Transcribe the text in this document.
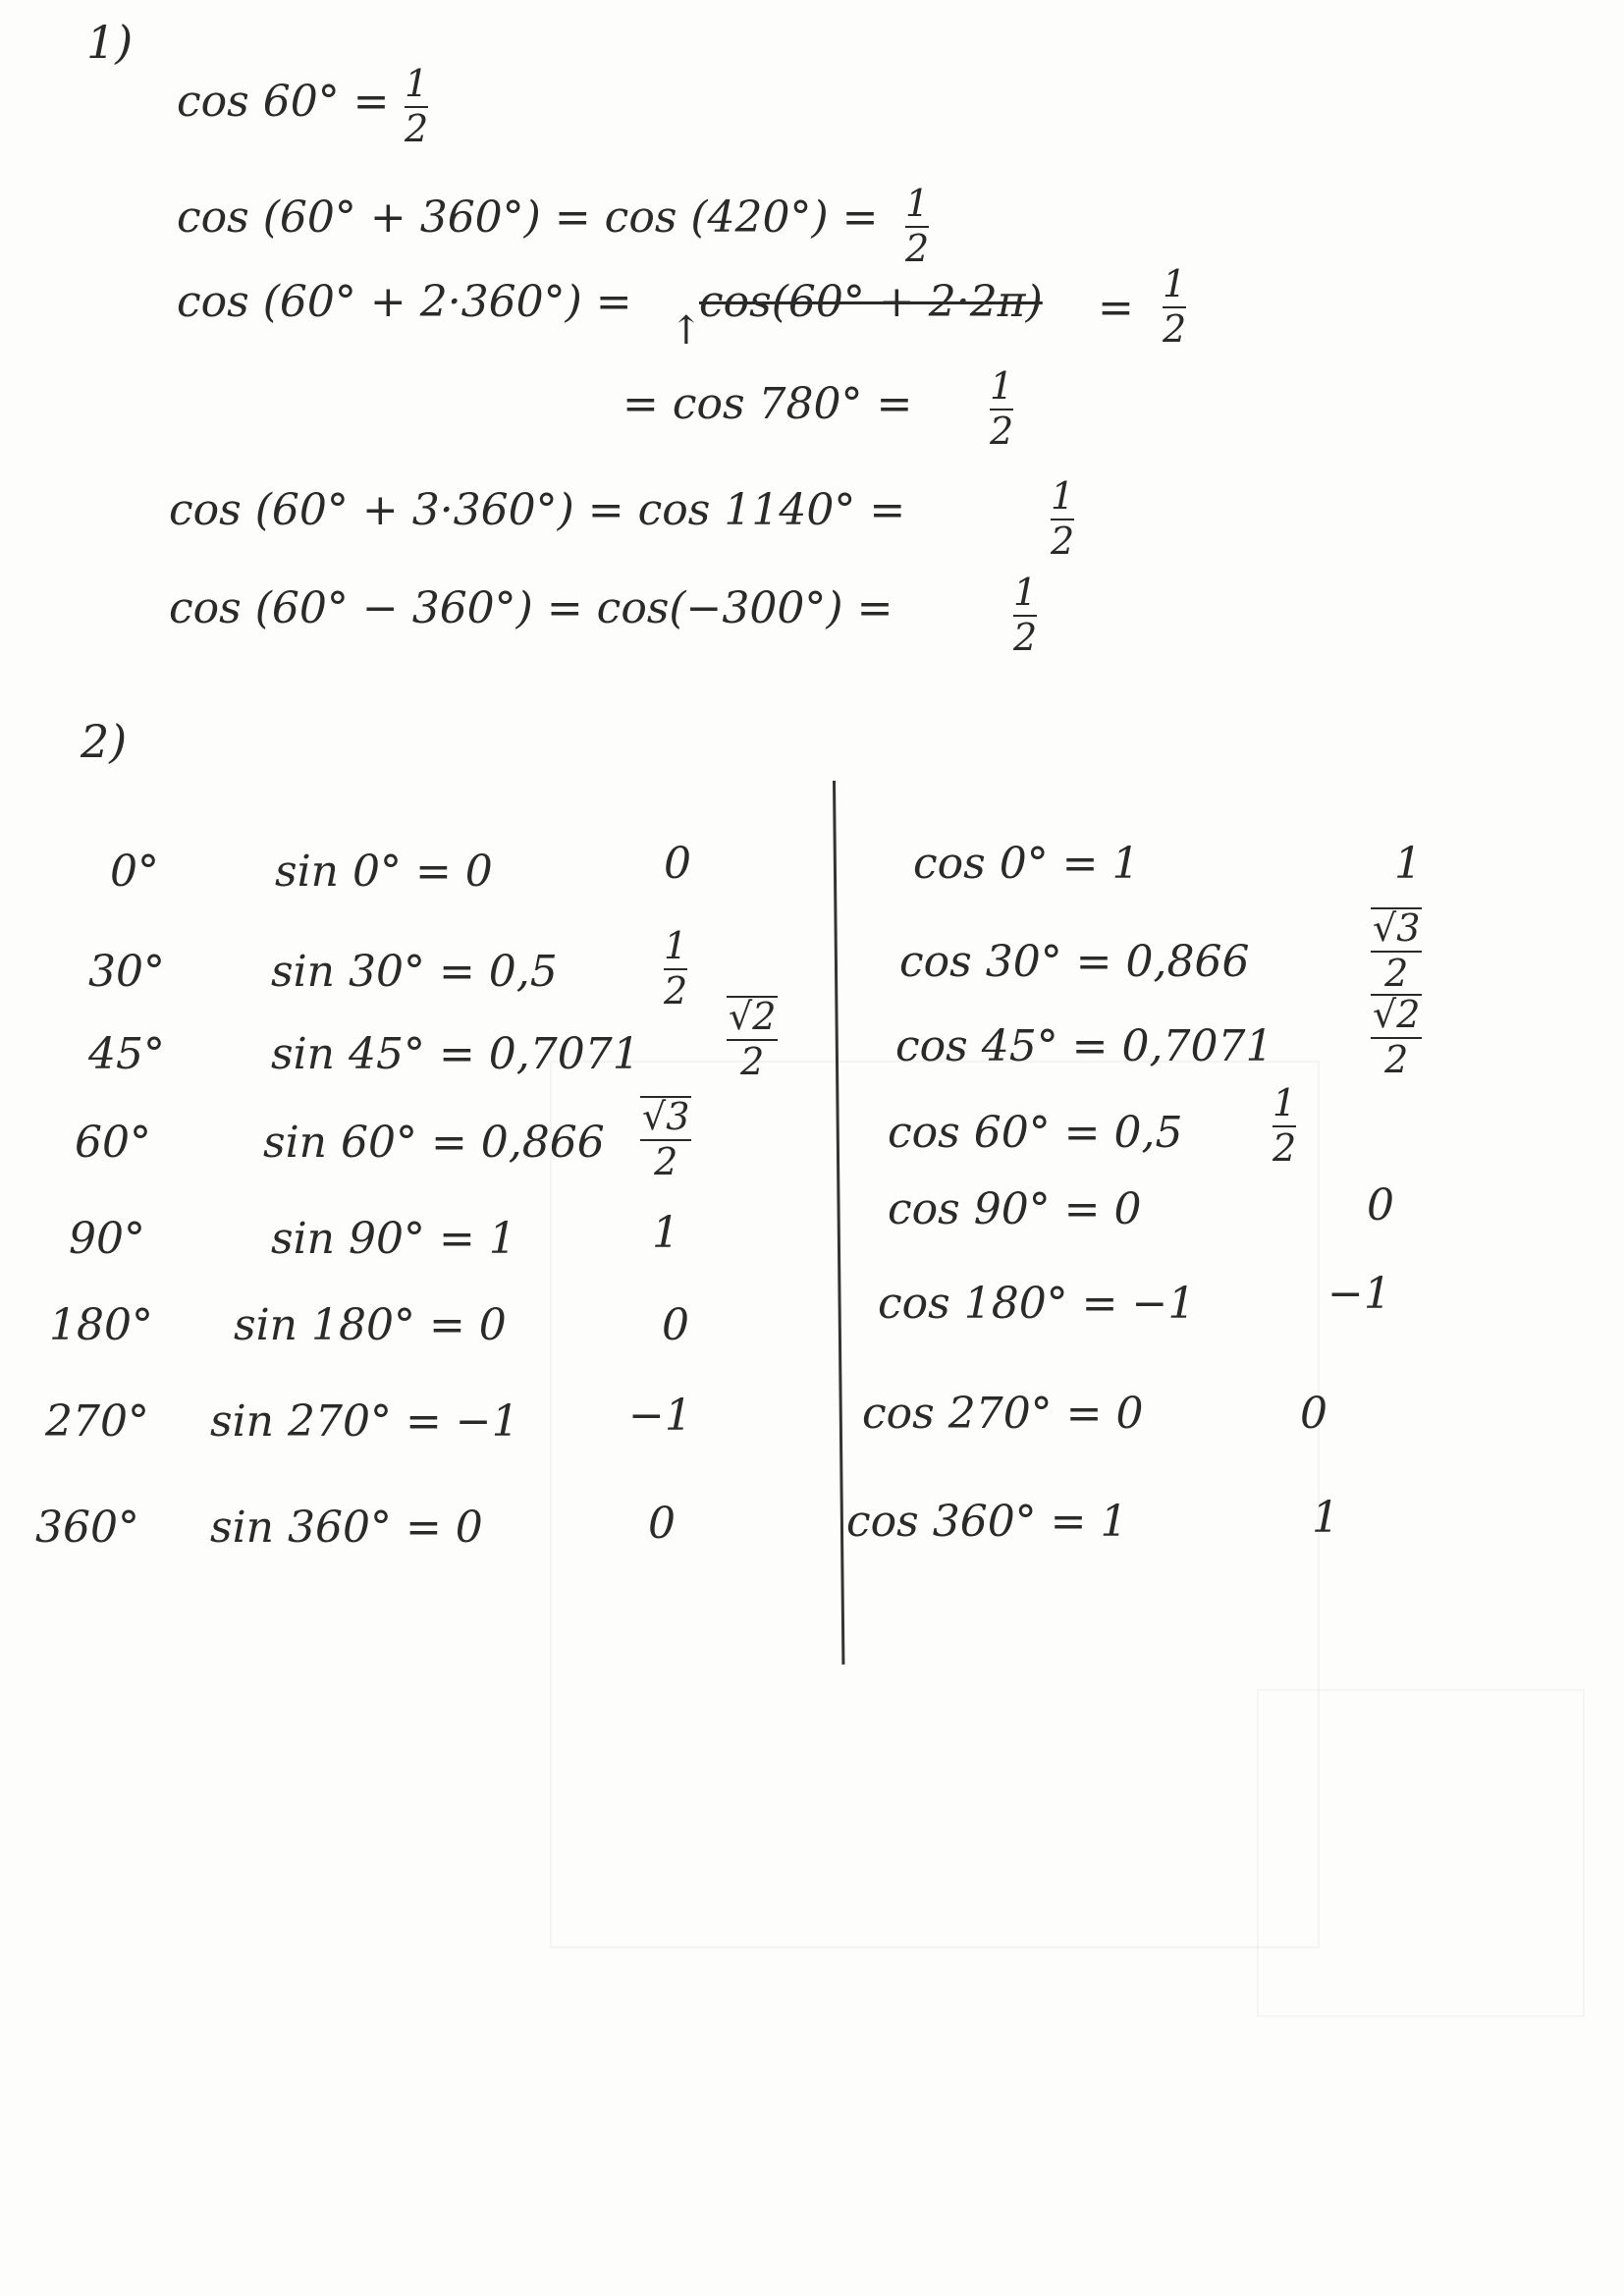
1)
cos 60° = 1
2
cos (60° + 360°) = cos (420°) = 1
2
cos (60° + 2·360°) = cos(60° + 2·2π) = 1
2
↑
= cos 780° = 1
2
cos (60° + 3·360°) = cos 1140° =	1
2
cos (60° − 360°) = cos(−300°) =	1
2
2)
0°
30°
45°
60°
90°
180°
270°
360°
sin 0° = 0
sin 30° = 0,5
sin 45° = 0,7071
sin 60° = 0,866
sin 90° = 1
sin 180° = 0
sin 270° = −1
sin 360° = 0
0
1
2
√2
2
√3
2
1
0
−1
0
cos 0° = 1
cos 30° = 0,866
cos 45° = 0,7071
cos 60° = 0,5
cos 90° = 0
cos 180° = −1
cos 270° = 0
cos 360° = 1
1
√3
2
√2
2
1
2
0
−1
0
1
